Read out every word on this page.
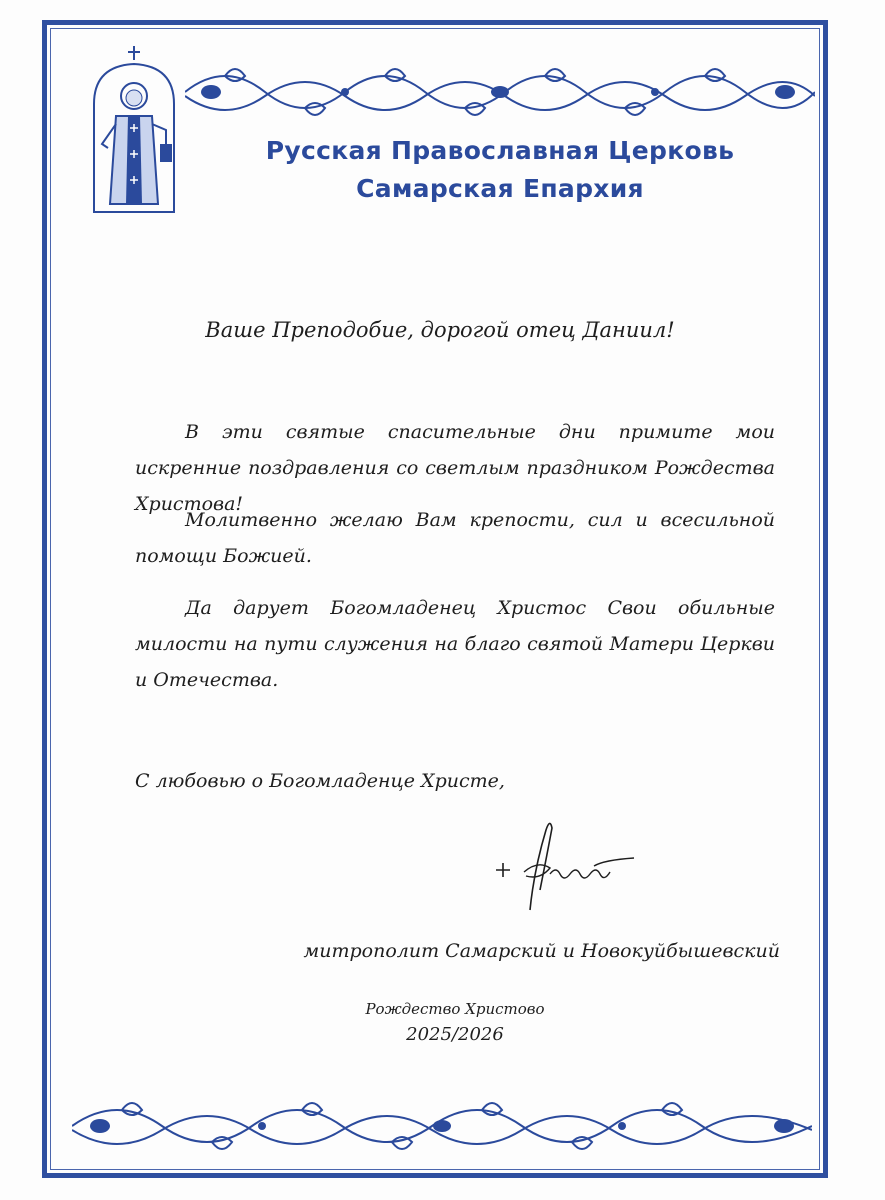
Русская Православная Церковь
Самарская Епархия
Ваше Преподобие, дорогой отец Даниил!
В эти святые спасительные дни примите мои искренние поздравления со светлым праздником Рождества Христова!
Молитвенно желаю Вам крепости, сил и всесильной помощи Божией.
Да дарует Богомладенец Христос Свои обильные милости на пути служения на благо святой Матери Церкви и Отечества.
С любовью о Богомладенце Христе,
митрополит Самарский и Новокуйбышевский
Рождество Христово
2025/2026
